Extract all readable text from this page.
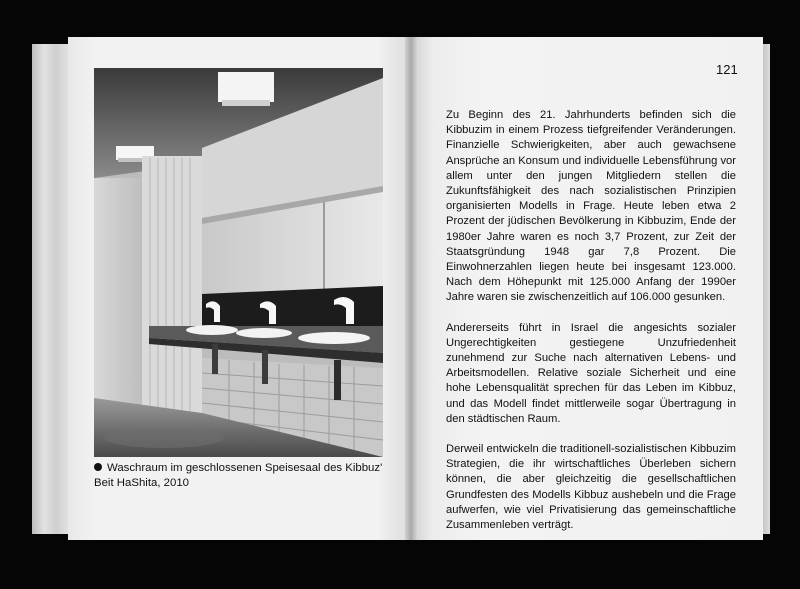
Waschraum im geschlossenen Speisesaal des Kibbuz' Beit HaShita, 2010
121

Zu Beginn des 21. Jahrhunderts befinden sich die Kibbuzim in einem Prozess tiefgreifender Veränderungen. Finanzielle Schwierigkeiten, aber auch gewachsene Ansprüche an Konsum und individuelle Lebensführung vor allem unter den jungen Mitgliedern stellen die Zukunftsfähigkeit des nach sozialistischen Prinzipien organisierten Modells in Frage. Heute leben etwa 2 Prozent der jüdischen Bevölkerung in Kibbuzim, Ende der 1980er Jahre waren es noch 3,7 Prozent, zur Zeit der Staatsgründung 1948 gar 7,8 Prozent. Die Einwohnerzahlen liegen heute bei insgesamt 123.000. Nach dem Höhepunkt mit 125.000 Anfang der 1990er Jahre waren sie zwischenzeitlich auf 106.000 gesunken.

Andererseits führt in Israel die angesichts sozialer Ungerechtigkeiten gestiegene Unzufriedenheit zunehmend zur Suche nach alternativen Lebens- und Arbeitsmodellen. Relative soziale Sicherheit und eine hohe Lebensqualität sprechen für das Leben im Kibbuz, und das Modell findet mittlerweile sogar Übertragung in den städtischen Raum.

Derweil entwickeln die traditionell-sozialistischen Kibbuzim Strategien, die ihr wirtschaftliches Überleben sichern können, die aber gleichzeitig die gesellschaftlichen Grundfesten des Modells Kibbuz aushebeln und die Frage aufwerfen, wie viel Privatisierung das gemeinschaftliche Zusammenleben verträgt.
